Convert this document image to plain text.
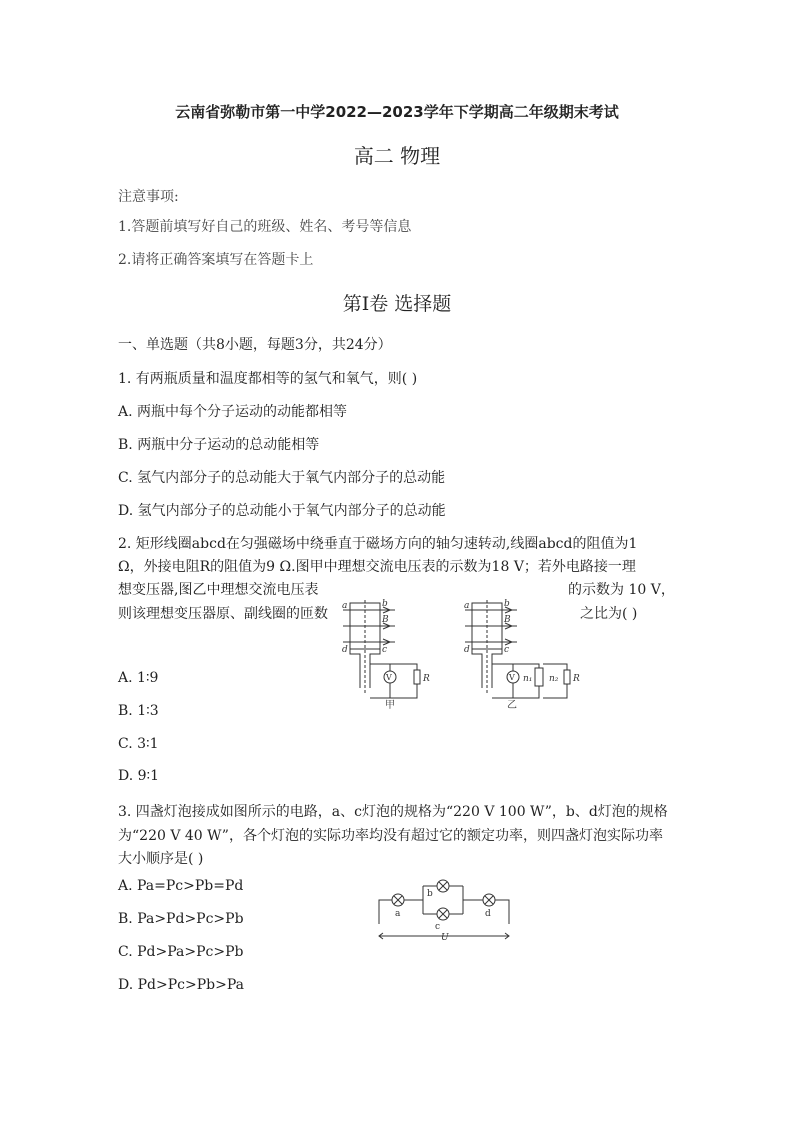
云南省弥勒市第一中学2022—2023学年下学期高二年级期末考试
高二 物理
注意事项:
1.答题前填写好自己的班级、姓名、考号等信息
2.请将正确答案填写在答题卡上
第Ⅰ卷 选择题
一、单选题（共8小题，每题3分，共24分）
1. 有两瓶质量和温度都相等的氢气和氧气，则( )
A. 两瓶中每个分子运动的动能都相等
B. 两瓶中分子运动的总动能相等
C. 氢气内部分子的总动能大于氧气内部分子的总动能
D. 氢气内部分子的总动能小于氧气内部分子的总动能
2. 矩形线圈abcd在匀强磁场中绕垂直于磁场方向的轴匀速转动,线圈abcd的阻值为1
Ω，外接电阻R的阻值为9 Ω.图甲中理想交流电压表的示数为18 V；若外电路接一理
想变压器,图乙中理想交流电压表	的示数为 10 V，
则该理想变压器原、副线圈的匝数	之比为( )
a	b
B
d	c
V	R
a	b
B
d	c
V n₁ n₂ R
甲	乙
A. 1∶9
B. 1∶3
C. 3∶1
D. 9∶1
3. 四盏灯泡接成如图所示的电路，a、c灯泡的规格为“220 V 100 W”，b、d灯泡的规格
为“220 V 40 W”，各个灯泡的实际功率均没有超过它的额定功率，则四盏灯泡实际功率
大小顺序是( )
a
b
c
d
U
A. Pa=Pc>Pb=Pd
B. Pa>Pd>Pc>Pb
C. Pd>Pa>Pc>Pb
D. Pd>Pc>Pb>Pa
